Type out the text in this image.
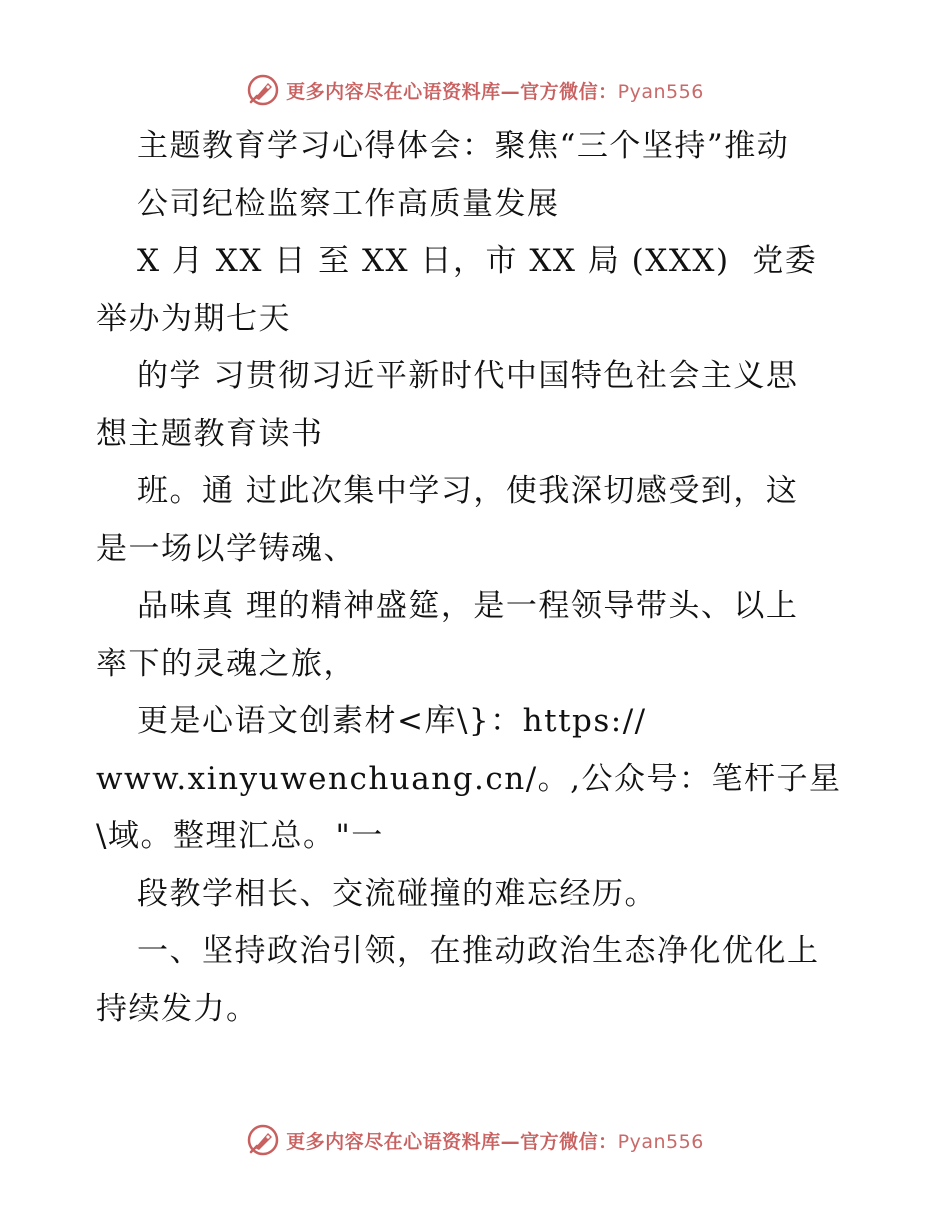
更多内容尽在心语资料库—官方微信：Pyan556
主题教育学习心得体会：聚焦“三个坚持”推动
公司纪检监察工作高质量发展
X 月 XX 日 至 XX 日，市 XX 局 (XXX)  党委
举办为期七天
的学 习贯彻习近平新时代中国特色社会主义思
想主题教育读书
班。通 过此次集中学习，使我深切感受到，这
是一场以学铸魂、
品味真 理的精神盛筵，是一程领导带头、以上
率下的灵魂之旅，
更是心语文创素材<库\}：https://
www.xinyuwenchuang.cn/。,公众号：笔杆子星
\域。整理汇总。"一
段教学相长、交流碰撞的难忘经历。
一、坚持政治引领，在推动政治生态净化优化上
持续发力。
更多内容尽在心语资料库—官方微信：Pyan556
